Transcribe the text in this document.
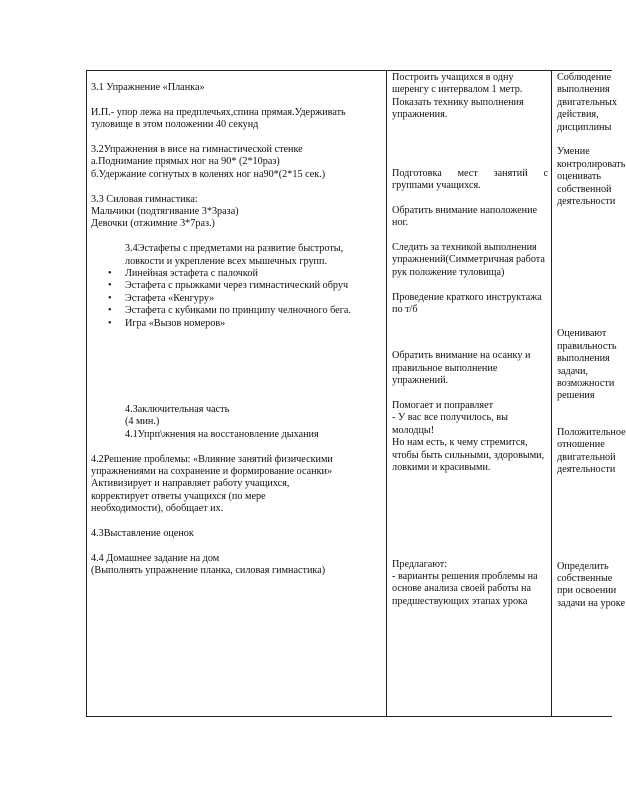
3.1 Упражнение «Планка»

И.П.- упор лежа на предплечьях,спина прямая.Удерживать

туловище в этом положении 40 секунд

3.2Упражнения в висе на гимнастической стенке

а.Поднимание прямых ног на 90* (2*10раз)

б.Удержание согнутых в коленях ног на90*(2*15 сек.)

3.3 Силовая гимнастика:

Мальчики (подтягивание 3*3раза)

Девочки (отжимние 3*7раз.)

3.4Эстафеты с предметами на развитие быстроты,

ловкости и укрепление всех мышечных групп.

• Линейная эстафета с палочкой
• Эстафета с прыжками через гимнастический обруч
• Эстафета «Кенгуру»
• Эстафета с кубиками по принципу челночного бега.
• Игра «Вызов номеров»

4.Заключительная часть

(4 мин.)

4.1Упрп\жнения на восстановление дыхания

4.2Решение проблемы: «Влияние занятий физическими

упражнениями на сохранение и формирование осанки»

Активизирует и направляет работу учащихся,

корректирует ответы учащихся (по мере

необходимости), обобщает их.

4.3Выставление оценок

4.4 Домашнее задание на дом

(Выполнять упражнение планка, силовая гимнастика)

Построить учащихся в одну шеренгу с интервалом 1 метр. Показать технику выполнения упражнения.

Подготовка мест занятий с

группами учащихся.

Обратить внимание наположение ног.

Следить за техникой выполнения упражнений(Симметричная работа рук положение туловища)

Проведение краткого инструктажа по т/б

Обратить внимание на осанку и правильное выполнение упражнений.

Помогает и поправляет

- У вас все получилось, вы молодцы!

Но нам есть, к чему стремится, чтобы быть сильными, здоровыми, ловкими и красивыми.

Предлагают:

- варианты решения проблемы на основе анализа своей работы на предшествующих этапах урока

Соблюдение

выполнения

двигательных

действия,

дисциплины

Умение

контролировать

оценивать

собственной

деятельности

Оценивают

правильность

выполнения

задачи,

возможности

решения

Положительное

отношение

двигательной

деятельности

Определить

собственные

при освоении

задачи на уроке
